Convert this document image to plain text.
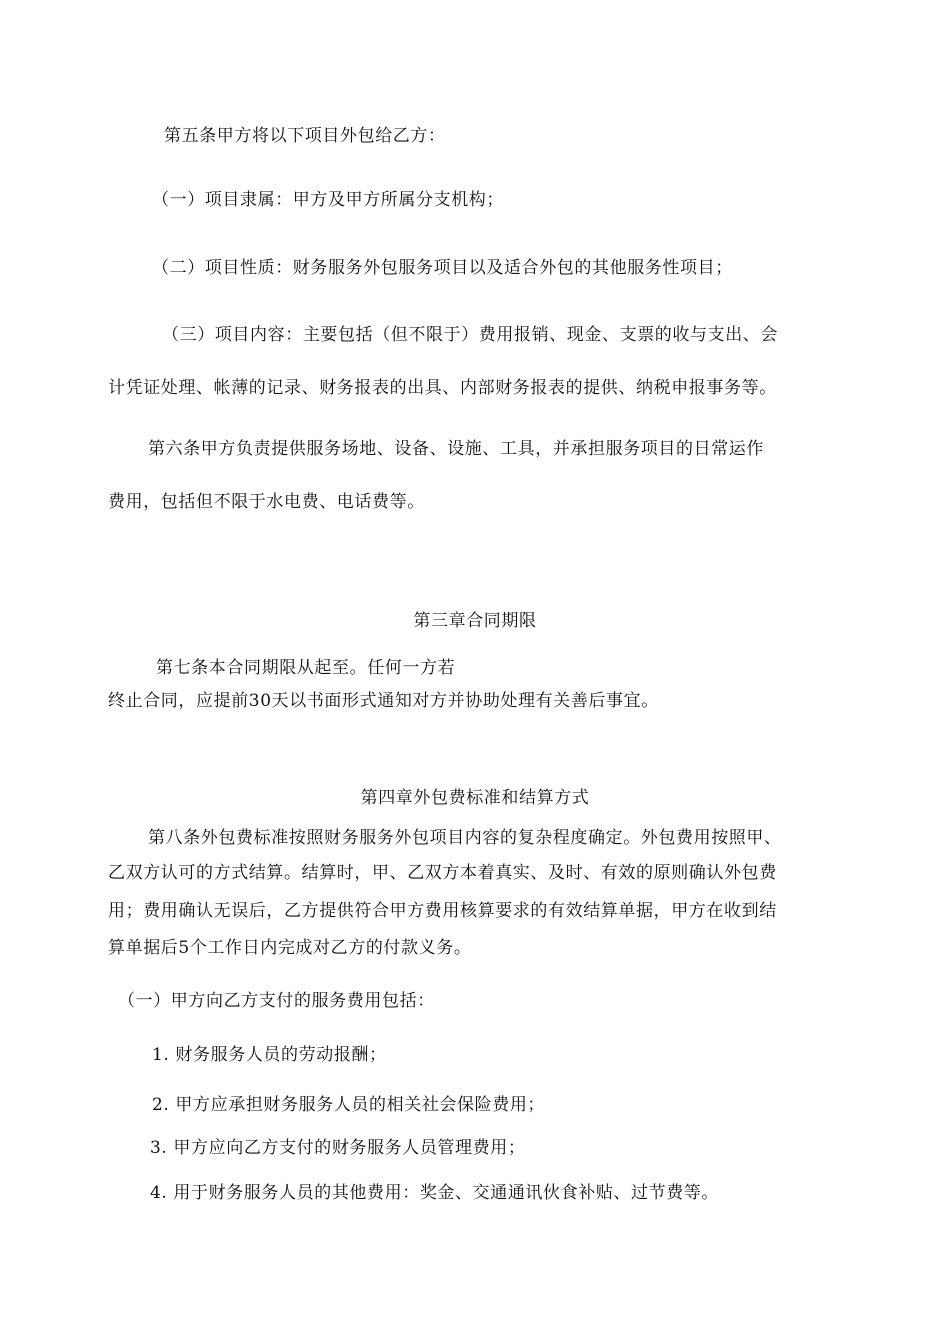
第五条甲方将以下项目外包给乙方：
（一）项目隶属：甲方及甲方所属分支机构；
（二）项目性质：财务服务外包服务项目以及适合外包的其他服务性项目；
（三）项目内容：主要包括（但不限于）费用报销、现金、支票的收与支出、会
计凭证处理、帐薄的记录、财务报表的出具、内部财务报表的提供、纳税申报事务等。
第六条甲方负责提供服务场地、设备、设施、工具，并承担服务项目的日常运作
费用，包括但不限于水电费、电话费等。
第三章合同期限
第七条本合同期限从起至。任何一方若
终止合同，应提前30天以书面形式通知对方并协助处理有关善后事宜。
第四章外包费标准和结算方式
第八条外包费标准按照财务服务外包项目内容的复杂程度确定。外包费用按照甲、
乙双方认可的方式结算。结算时，甲、乙双方本着真实、及时、有效的原则确认外包费
用；费用确认无误后，乙方提供符合甲方费用核算要求的有效结算单据，甲方在收到结
算单据后5个工作日内完成对乙方的付款义务。
（一）甲方向乙方支付的服务费用包括：
1. 财务服务人员的劳动报酬；
2. 甲方应承担财务服务人员的相关社会保险费用；
3. 甲方应向乙方支付的财务服务人员管理费用；
4. 用于财务服务人员的其他费用：奖金、交通通讯伙食补贴、过节费等。
